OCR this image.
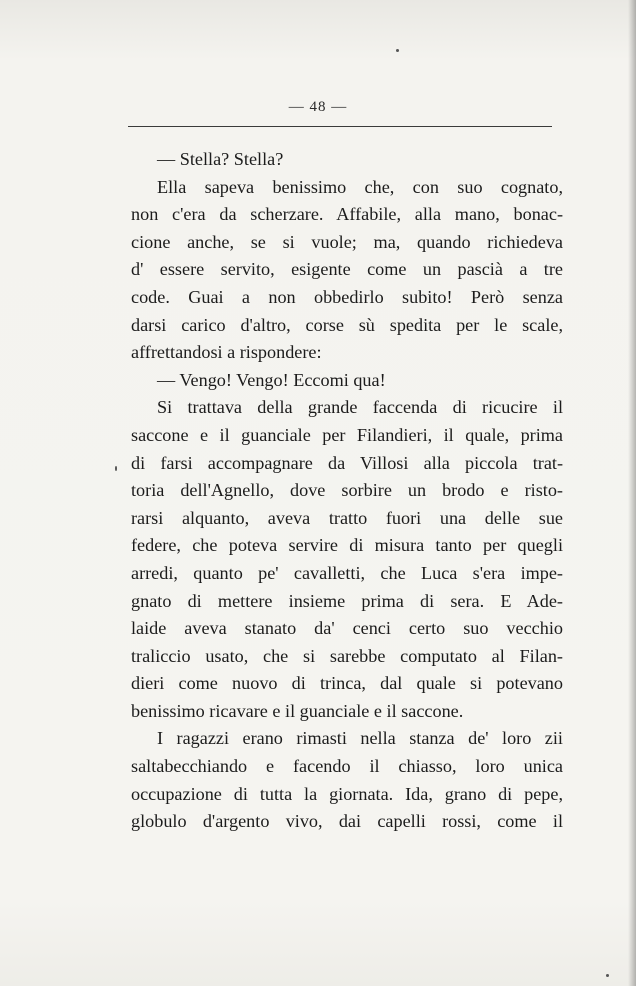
— 48 —
— Stella? Stella?
Ella sapeva benissimo che, con suo cognato,
non c'era da scherzare. Affabile, alla mano, bonac-
cione anche, se si vuole; ma, quando richiedeva
d' essere servito, esigente come un pascià a tre
code. Guai a non obbedirlo subito! Però senza
darsi carico d'altro, corse sù spedita per le scale,
affrettandosi a rispondere:
— Vengo! Vengo! Eccomi qua!
Si trattava della grande faccenda di ricucire il
saccone e il guanciale per Filandieri, il quale, prima
di farsi accompagnare da Villosi alla piccola trat-
toria dell'Agnello, dove sorbire un brodo e risto-
rarsi alquanto, aveva tratto fuori una delle sue
federe, che poteva servire di misura tanto per quegli
arredi, quanto pe' cavalletti, che Luca s'era impe-
gnato di mettere insieme prima di sera. E Ade-
laide aveva stanato da' cenci certo suo vecchio
traliccio usato, che si sarebbe computato al Filan-
dieri come nuovo di trinca, dal quale si potevano
benissimo ricavare e il guanciale e il saccone.
I ragazzi erano rimasti nella stanza de' loro zii
saltabecchiando e facendo il chiasso, loro unica
occupazione di tutta la giornata. Ida, grano di pepe,
globulo d'argento vivo, dai capelli rossi, come il
